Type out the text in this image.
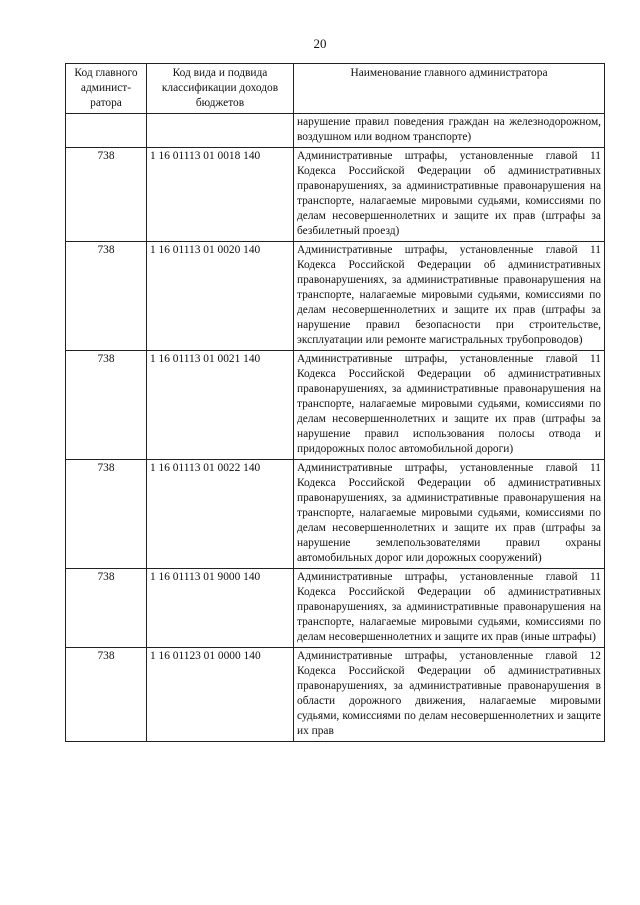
20
Код главного админист-ратора	Код вида и подвида классификации доходов бюджетов	Наименование главного администратора
		нарушение правил поведения граждан на железнодорожном, воздушном или водном транспорте)
738	1 16 01113 01 0018 140	Административные штрафы, установленные главой 11 Кодекса Российской Федерации об административных правонарушениях, за административные правонарушения на транспорте, налагаемые мировыми судьями, комиссиями по делам несовершеннолетних и защите их прав (штрафы за безбилетный проезд)
738	1 16 01113 01 0020 140	Административные штрафы, установленные главой 11 Кодекса Российской Федерации об административных правонарушениях, за административные правонарушения на транспорте, налагаемые мировыми судьями, комиссиями по делам несовершеннолетних и защите их прав (штрафы за нарушение правил безопасности при строительстве, эксплуатации или ремонте магистральных трубопроводов)
738	1 16 01113 01 0021 140	Административные штрафы, установленные главой 11 Кодекса Российской Федерации об административных правонарушениях, за административные правонарушения на транспорте, налагаемые мировыми судьями, комиссиями по делам несовершеннолетних и защите их прав (штрафы за нарушение правил использования полосы отвода и придорожных полос автомобильной дороги)
738	1 16 01113 01 0022 140	Административные штрафы, установленные главой 11 Кодекса Российской Федерации об административных правонарушениях, за административные правонарушения на транспорте, налагаемые мировыми судьями, комиссиями по делам несовершеннолетних и защите их прав (штрафы за нарушение землепользователями правил охраны автомобильных дорог или дорожных сооружений)
738	1 16 01113 01 9000 140	Административные штрафы, установленные главой 11 Кодекса Российской Федерации об административных правонарушениях, за административные правонарушения на транспорте, налагаемые мировыми судьями, комиссиями по делам несовершеннолетних и защите их прав (иные штрафы)
738	1 16 01123 01 0000 140	Административные штрафы, установленные главой 12 Кодекса Российской Федерации об административных правонарушениях, за административные правонарушения в области дорожного движения, налагаемые мировыми судьями, комиссиями по делам несовершеннолетних и защите их прав
